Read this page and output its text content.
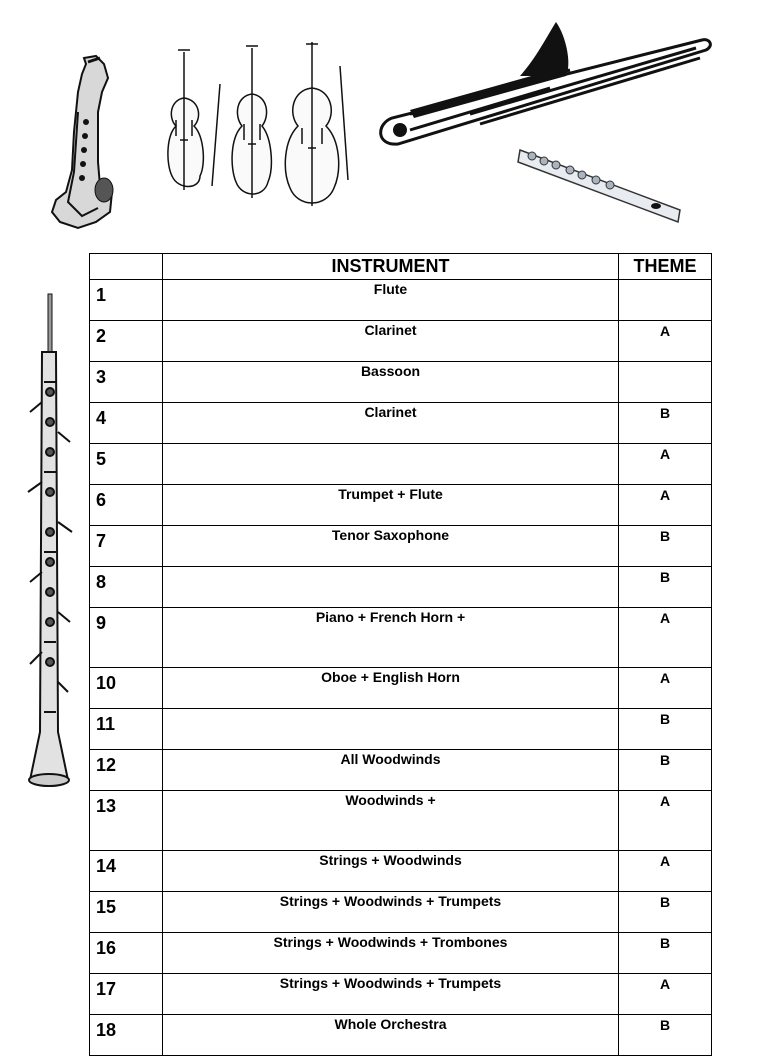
	INSTRUMENT	THEME
1	Flute	
2	Clarinet	A
3	Bassoon	
4	Clarinet	B
5		A
6	Trumpet + Flute	A
7	Tenor Saxophone	B
8		B
9	Piano + French Horn +	A
10	Oboe + English Horn	A
11		B
12	All Woodwinds	B
13	Woodwinds +	A
14	Strings + Woodwinds	A
15	Strings + Woodwinds + Trumpets	B
16	Strings + Woodwinds + Trombones	B
17	Strings + Woodwinds + Trumpets	A
18	Whole Orchestra	B
